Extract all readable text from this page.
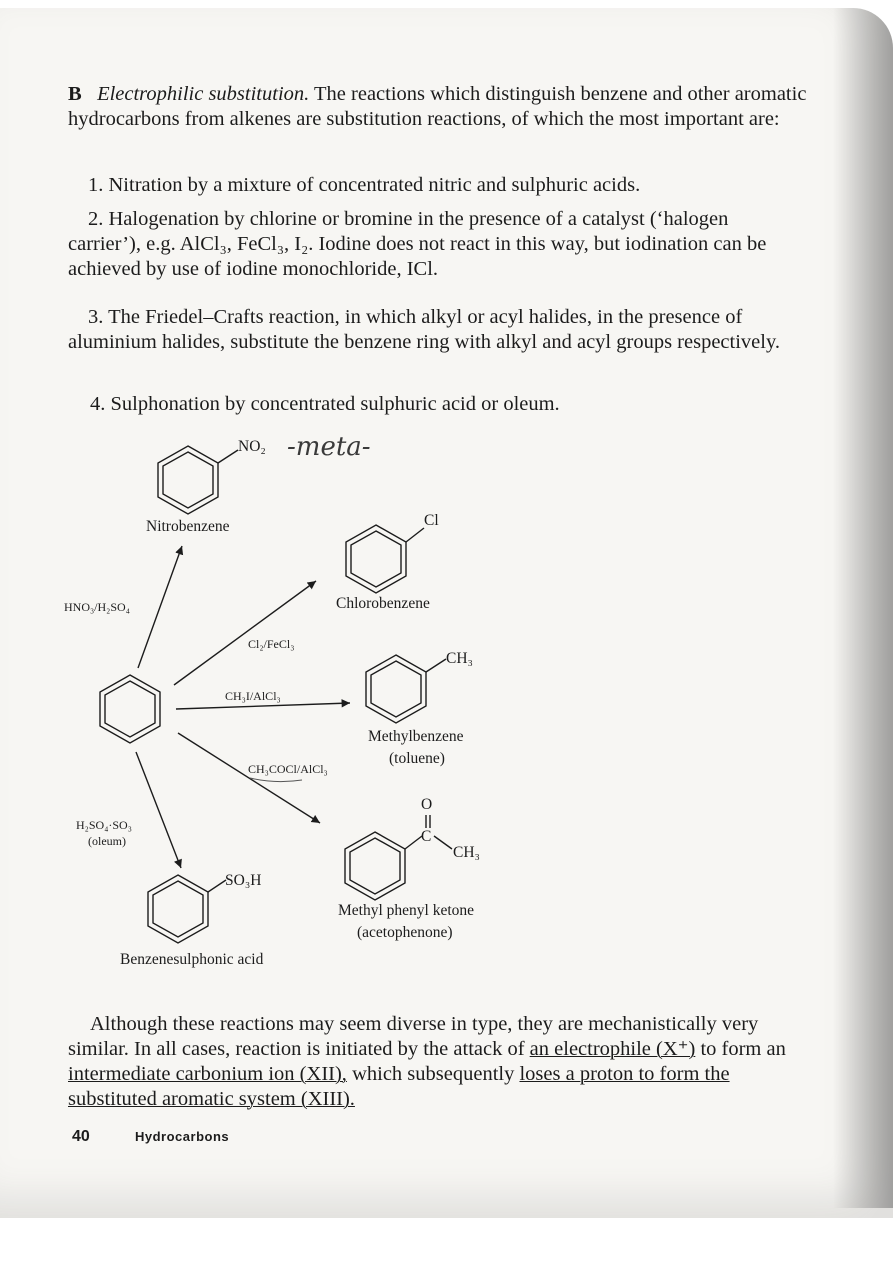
B Electrophilic substitution. The reactions which distinguish benzene and other aromatic hydrocarbons from alkenes are substitution reactions, of which the most important are:
1. Nitration by a mixture of concentrated nitric and sulphuric acids.
2. Halogenation by chlorine or bromine in the presence of a catalyst (‘halogen carrier’), e.g. AlCl₃, FeCl₃, I₂. Iodine does not react in this way, but iodination can be achieved by use of iodine monochloride, ICl.
3. The Friedel–Crafts reaction, in which alkyl or acyl halides, in the presence of aluminium halides, substitute the benzene ring with alkyl and acyl groups respectively.
4. Sulphonation by concentrated sulphuric acid or oleum.
NO₂ -meta-
Nitrobenzene	Cl
Chlorobenzene
CH₃
Methylbenzene
(toluene)
O
C
CH₃
Methyl phenyl ketone
(acetophenone)
SO₃H
Benzenesulphonic acid
HNO₃/H₂SO₄
Cl₂/FeCl₃
CH₃I/AlCl₃
CH₃COCl/AlCl₃
H₂SO₄·SO₃
(oleum)
Although these reactions may seem diverse in type, they are mechanistically very similar. In all cases, reaction is initiated by the attack of an electrophile (X⁺) to form an intermediate carbonium ion (XII), which subsequently loses a proton to form the substituted aromatic system (XIII).
40	Hydrocarbons
